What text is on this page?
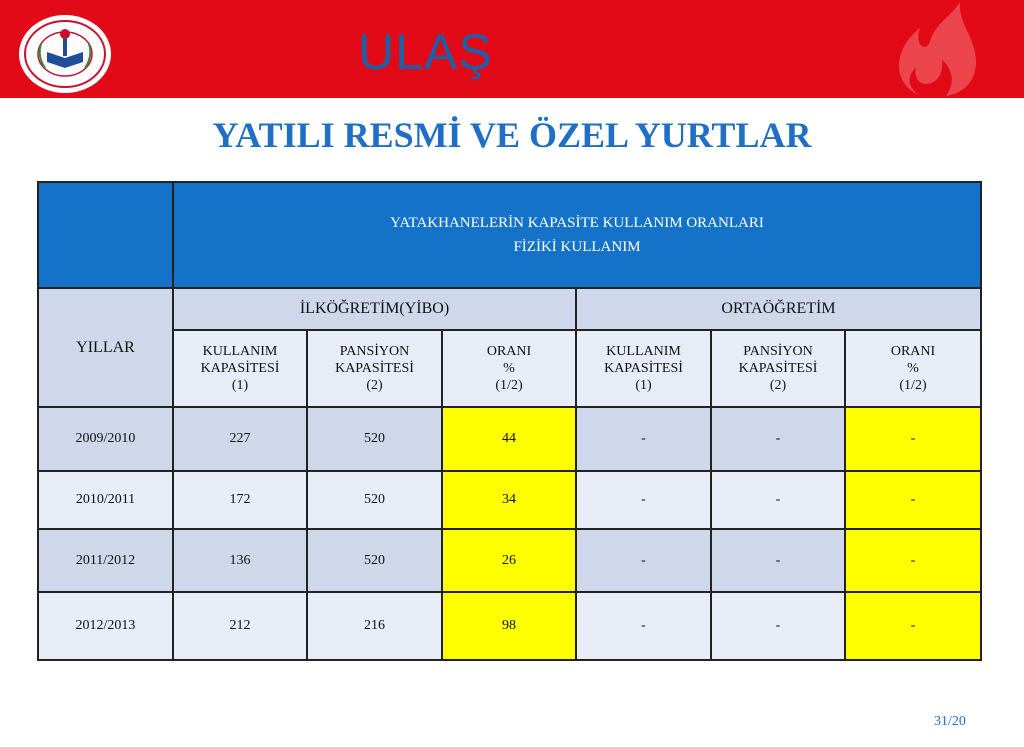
ULAŞ
YATILI RESMİ VE ÖZEL YURTLAR

	YATAKHANELERİN KAPASİTE KULLANIM ORANLARI
FİZİKİ KULLANIM					

YILLAR	İLKÖĞRETİM(YİBO)			ORTAÖĞRETİM		

	KULLANIM
KAPASİTESİ
(1)	PANSİYON
KAPASİTESİ
(2)	ORANI
%
(1/2)	KULLANIM
KAPASİTESİ
(1)	PANSİYON
KAPASİTESİ
(2)	ORANI
%
(1/2)

2009/2010	227	520	44	-	-	-
2010/2011	172	520	34	-	-	-
2011/2012	136	520	26	-	-	-
2012/2013	212	216	98	-	-	-
31/20
